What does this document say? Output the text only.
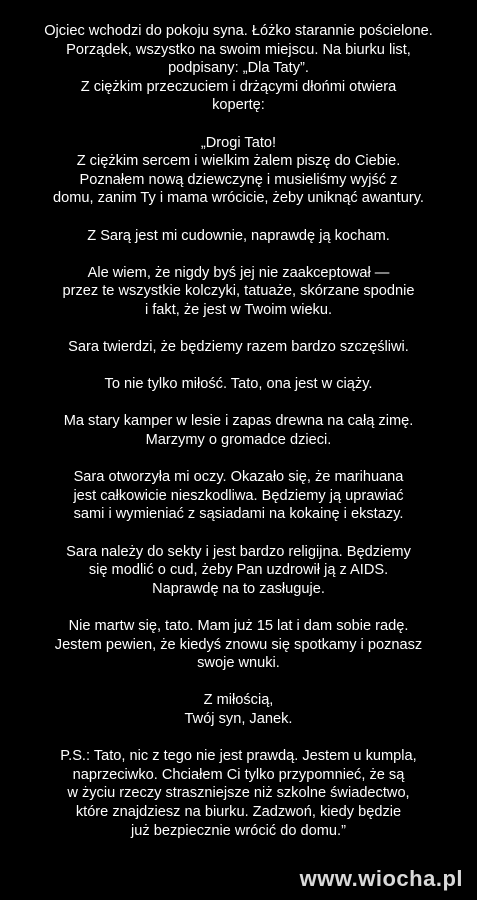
Ojciec wchodzi do pokoju syna. Łóżko starannie pościelone.
Porządek, wszystko na swoim miejscu. Na biurku list,
podpisany: „Dla Taty”.
Z ciężkim przeczuciem i drżącymi dłońmi otwiera
kopertę:
„Drogi Tato!
Z ciężkim sercem i wielkim żalem piszę do Ciebie.
Poznałem nową dziewczynę i musieliśmy wyjść z
domu, zanim Ty i mama wrócicie, żeby uniknąć awantury.
Z Sarą jest mi cudownie, naprawdę ją kocham.
Ale wiem, że nigdy byś jej nie zaakceptował —
przez te wszystkie kolczyki, tatuaże, skórzane spodnie
i fakt, że jest w Twoim wieku.
Sara twierdzi, że będziemy razem bardzo szczęśliwi.
To nie tylko miłość. Tato, ona jest w ciąży.
Ma stary kamper w lesie i zapas drewna na całą zimę.
Marzymy o gromadce dzieci.
Sara otworzyła mi oczy. Okazało się, że marihuana
jest całkowicie nieszkodliwa. Będziemy ją uprawiać
sami i wymieniać z sąsiadami na kokainę i ekstazy.
Sara należy do sekty i jest bardzo religijna. Będziemy
się modlić o cud, żeby Pan uzdrowił ją z AIDS.
Naprawdę na to zasługuje.
Nie martw się, tato. Mam już 15 lat i dam sobie radę.
Jestem pewien, że kiedyś znowu się spotkamy i poznasz
swoje wnuki.
Z miłością,
Twój syn, Janek.
P.S.: Tato, nic z tego nie jest prawdą. Jestem u kumpla,
naprzeciwko. Chciałem Ci tylko przypomnieć, że są
w życiu rzeczy straszniejsze niż szkolne świadectwo,
które znajdziesz na biurku. Zadzwoń, kiedy będzie
już bezpiecznie wrócić do domu.”
www.wiocha.pl
